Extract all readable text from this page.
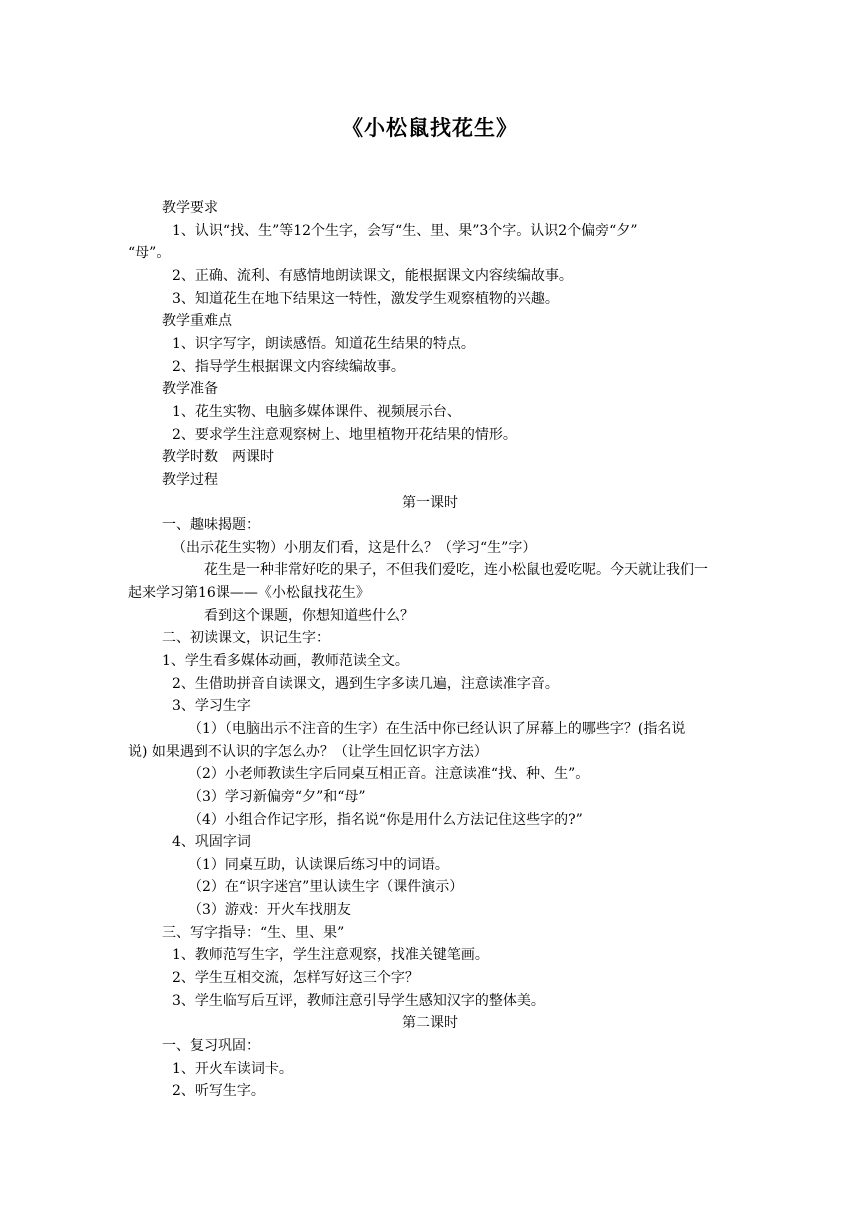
《小松鼠找花生》
教学要求
1、认识“找、生”等12个生字，会写“生、里、果”3个字。认识2个偏旁“夕”
“母”。
2、正确、流利、有感情地朗读课文，能根据课文内容续编故事。
3、知道花生在地下结果这一特性，激发学生观察植物的兴趣。
教学重难点
1、识字写字，朗读感悟。知道花生结果的特点。
2、指导学生根据课文内容续编故事。
教学准备
1、花生实物、电脑多媒体课件、视频展示台、
2、要求学生注意观察树上、地里植物开花结果的情形。
教学时数　两课时
教学过程
第一课时
一、趣味揭题：
（出示花生实物）小朋友们看，这是什么？（学习“生”字）
花生是一种非常好吃的果子，不但我们爱吃，连小松鼠也爱吃呢。今天就让我们一
起来学习第16课——《小松鼠找花生》
看到这个课题，你想知道些什么？
二、初读课文，识记生字：
1、学生看多媒体动画，教师范读全文。
2、生借助拼音自读课文，遇到生字多读几遍，注意读准字音。
3、学习生字
（1）（电脑出示不注音的生字）在生活中你已经认识了屏幕上的哪些字？(指名说
说) 如果遇到不认识的字怎么办？（让学生回忆识字方法）
（2）小老师教读生字后同桌互相正音。注意读准“找、种、生”。
（3）学习新偏旁“夕”和“母”
（4）小组合作记字形，指名说“你是用什么方法记住这些字的?”
4、巩固字词
（1）同桌互助，认读课后练习中的词语。
（2）在“识字迷宫”里认读生字（课件演示）
（3）游戏：开火车找朋友
三、写字指导：“生、里、果”
1、教师范写生字，学生注意观察，找准关键笔画。
2、学生互相交流，怎样写好这三个字？
3、学生临写后互评，教师注意引导学生感知汉字的整体美。
第二课时
一、复习巩固：
1、开火车读词卡。
2、听写生字。
